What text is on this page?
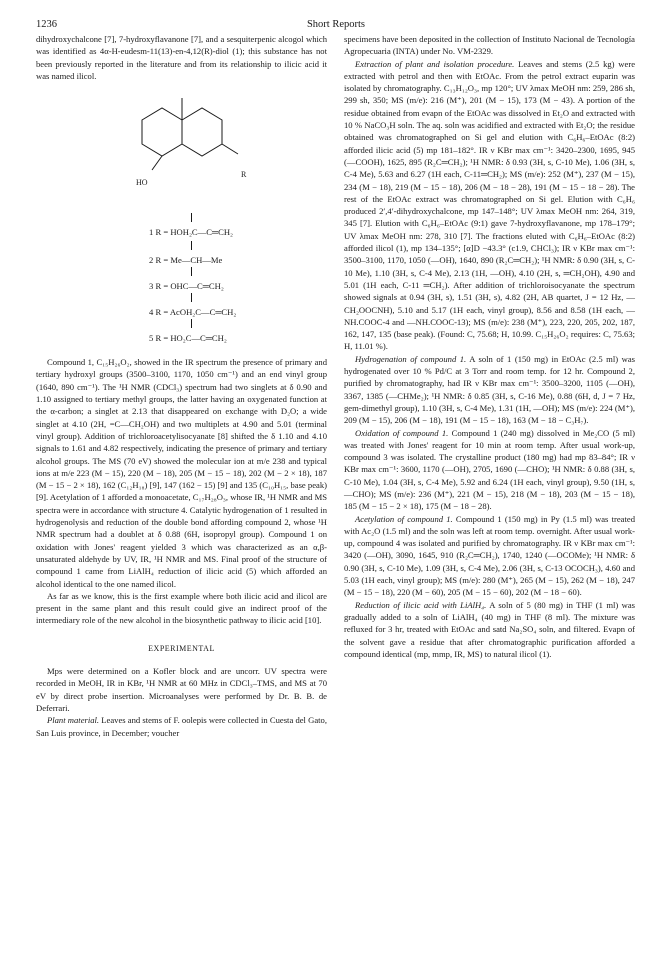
1236	Short Reports

dihydroxychalcone [7], 7-hydroxyflavanone [7], and a sesquiterpenic alcogol which was identified as 4α-H-eudesm-11(13)-en-4,12(R)-diol (1); this substance has not been previously reported in the literature and from its relationship to ilicic acid it was named ilicol.

HO
R
1 R = HOH₂C—C═CH₂
2 R = Me—CH—Me
3 R = OHC—C═CH₂
4 R = AcOH₂C—C═CH₂
5 R = HO₂C—C═CH₂

Compound 1, C₁₅H₂₆O₂, showed in the IR spectrum the presence of primary and tertiary hydroxyl groups (3500–3100, 1170, 1050 cm⁻¹) and an end vinyl group (1640, 890 cm⁻¹). The ¹H NMR (CDCl₃) spectrum had two singlets at δ 0.90 and 1.10 assigned to tertiary methyl groups, the latter having an oxygenated function at the α-carbon; a singlet at 2.13 that disappeared on exchange with D₂O; a wide singlet at 4.10 (2H, =C—CH₂OH) and two multiplets at 4.90 and 5.01 (terminal vinyl group). Addition of trichloroacetylisocyanate [8] shifted the δ 1.10 and 4.10 signals to 1.61 and 4.82 respectively, indicating the presence of primary and tertiary alcohol groups. The MS (70 eV) showed the molecular ion at m/e 238 and typical ions at m/e 223 (M − 15), 220 (M − 18), 205 (M − 15 − 18), 202 (M − 2 × 18), 187 (M − 15 − 2 × 18), 162 (C₁₂H₁₈) [9], 147 (162 − 15) [9] and 135 (C₁₀H₁₅, base peak) [9]. Acetylation of 1 afforded a monoacetate, C₁₇H₂₈O₃, whose IR, ¹H NMR and MS spectra were in accordance with structure 4. Catalytic hydrogenation of 1 resulted in hydrogenolysis and reduction of the double bond affording compound 2, whose ¹H NMR spectrum had a doublet at δ 0.88 (6H, isopropyl group). Compound 1 on oxidation with Jones' reagent yielded 3 which was characterized as an α,β-unsaturated aldehyde by UV, IR, ¹H NMR and MS. Final proof of the structure of compound 1 came from LiAlH₄ reduction of ilicic acid (5) which afforded an alcohol identical to the one named ilicol.

As far as we know, this is the first example where both ilicic acid and ilicol are present in the same plant and this result could give an indirect proof of the intermediary role of the new alcohol in the biosynthetic pathway to ilicic acid [10].

EXPERIMENTAL

Mps were determined on a Kofler block and are uncorr. UV spectra were recorded in MeOH, IR in KBr, ¹H NMR at 60 MHz in CDCl₃–TMS, and MS at 70 eV by direct probe insertion. Microanalyses were performed by Dr. B. B. de Deferrari.

Plant material. Leaves and stems of F. oolepis were collected in Cuesta del Gato, San Luis province, in December; voucher

specimens have been deposited in the collection of Instituto Nacional de Tecnología Agropecuaria (INTA) under No. VM-2329.

Extraction of plant and isolation procedure. Leaves and stems (2.5 kg) were extracted with petrol and then with EtOAc. From the petrol extract euparin was isolated by chromatography. C₁₃H₁₂O₃, mp 120°; UV λmax MeOH nm: 259, 286 sh, 299 sh, 350; MS (m/e): 216 (M⁺), 201 (M − 15), 173 (M − 43). A portion of the residue obtained from evapn of the EtOAc was dissolved in Et₂O and extracted with 10 % NaCO₃H soln. The aq. soln was acidified and extracted with Et₂O; the residue obtained was chromatographed on Si gel and elution with C₆H₆–EtOAc (8:2) afforded ilicic acid (5) mp 181–182°. IR ν KBr max cm⁻¹: 3420–2300, 1695, 945 (—COOH), 1625, 895 (R₂C═CH₂); ¹H NMR: δ 0.93 (3H, s, C-10 Me), 1.06 (3H, s, C-4 Me), 5.63 and 6.27 (1H each, C-11═CH₂); MS (m/e): 252 (M⁺), 237 (M − 15), 234 (M − 18), 219 (M − 15 − 18), 206 (M − 18 − 28), 191 (M − 15 − 18 − 28). The rest of the EtOAc extract was chromatographed on Si gel. Elution with C₆H₆ produced 2′,4′-dihydroxychalcone, mp 147–148°; UV λmax MeOH nm: 264, 319, 345 [7]. Elution with C₆H₆–EtOAc (9:1) gave 7-hydroxyflavanone, mp 178–179°; UV λmax MeOH nm: 278, 310 [7]. The fractions eluted with C₆H₆–EtOAc (8:2) afforded ilicol (1), mp 134–135°; [α]D −43.3° (c1.9, CHCl₃); IR ν KBr max cm⁻¹: 3500–3100, 1170, 1050 (—OH), 1640, 890 (R₂C═CH₂); ¹H NMR: δ 0.90 (3H, s, C-10 Me), 1.10 (3H, s, C-4 Me), 2.13 (1H, —OH), 4.10 (2H, s, ═CH₂OH), 4.90 and 5.01 (1H each, C-11 ═CH₂). After addition of trichloroisocyanate the spectrum showed signals at 0.94 (3H, s), 1.51 (3H, s), 4.82 (2H, AB quartet, J = 12 Hz, —CH₂OOCNH), 5.10 and 5.17 (1H each, vinyl group), 8.56 and 8.58 (1H each, —NH.COOC-4 and —NH.COOC-13); MS (m/e): 238 (M⁺), 223, 220, 205, 202, 187, 162, 147, 135 (base peak). (Found: C, 75.68; H, 10.99. C₁₅H₂₆O₂ requires: C, 75.63; H, 11.01 %).

Hydrogenation of compound 1. A soln of 1 (150 mg) in EtOAc (2.5 ml) was hydrogenated over 10 % Pd/C at 3 Torr and room temp. for 12 hr. Compound 2, purified by chromatography, had IR ν KBr max cm⁻¹: 3500–3200, 1105 (—OH), 3367, 1385 (—CHMe₂); ¹H NMR: δ 0.85 (3H, s, C-16 Me), 0.88 (6H, d, J = 7 Hz, gem-dimethyl group), 1.10 (3H, s, C-4 Me), 1.31 (1H, —OH); MS (m/e): 224 (M⁺), 209 (M − 15), 206 (M − 18), 191 (M − 15 − 18), 163 (M − 18 − C₃H₇).

Oxidation of compound 1. Compound 1 (240 mg) dissolved in Me₂CO (5 ml) was treated with Jones' reagent for 10 min at room temp. After usual work-up, compound 3 was isolated. The crystalline product (180 mg) had mp 83–84°; IR ν KBr max cm⁻¹: 3600, 1170 (—OH), 2705, 1690 (—CHO); ¹H NMR: δ 0.88 (3H, s, C-10 Me), 1.04 (3H, s, C-4 Me), 5.92 and 6.24 (1H each, vinyl group), 9.50 (1H, s, —CHO); MS (m/e): 236 (M⁺), 221 (M − 15), 218 (M − 18), 203 (M − 15 − 18), 185 (M − 15 − 2 × 18), 175 (M − 18 − 28).

Acetylation of compound 1. Compound 1 (150 mg) in Py (1.5 ml) was treated with Ac₂O (1.5 ml) and the soln was left at room temp. overnight. After usual work-up, compound 4 was isolated and purified by chromatography. IR ν KBr max cm⁻¹: 3420 (—OH), 3090, 1645, 910 (R₂C═CH₂), 1740, 1240 (—OCOMe); ¹H NMR: δ 0.90 (3H, s, C-10 Me), 1.09 (3H, s, C-4 Me), 2.06 (3H, s, C-13 OCOCH₃), 4.60 and 5.03 (1H each, vinyl group); MS (m/e): 280 (M⁺), 265 (M − 15), 262 (M − 18), 247 (M − 15 − 18), 220 (M − 60), 205 (M − 15 − 60), 202 (M − 18 − 60).

Reduction of ilicic acid with LiAlH₄. A soln of 5 (80 mg) in THF (1 ml) was gradually added to a soln of LiAlH₄ (40 mg) in THF (8 ml). The mixture was refluxed for 3 hr, treated with EtOAc and satd Na₂SO₄ soln, and filtered. Evapn of the solvent gave a residue that after chromatographic purification afforded a compound identical (mp, mmp, IR, MS) to natural ilicol (1).
